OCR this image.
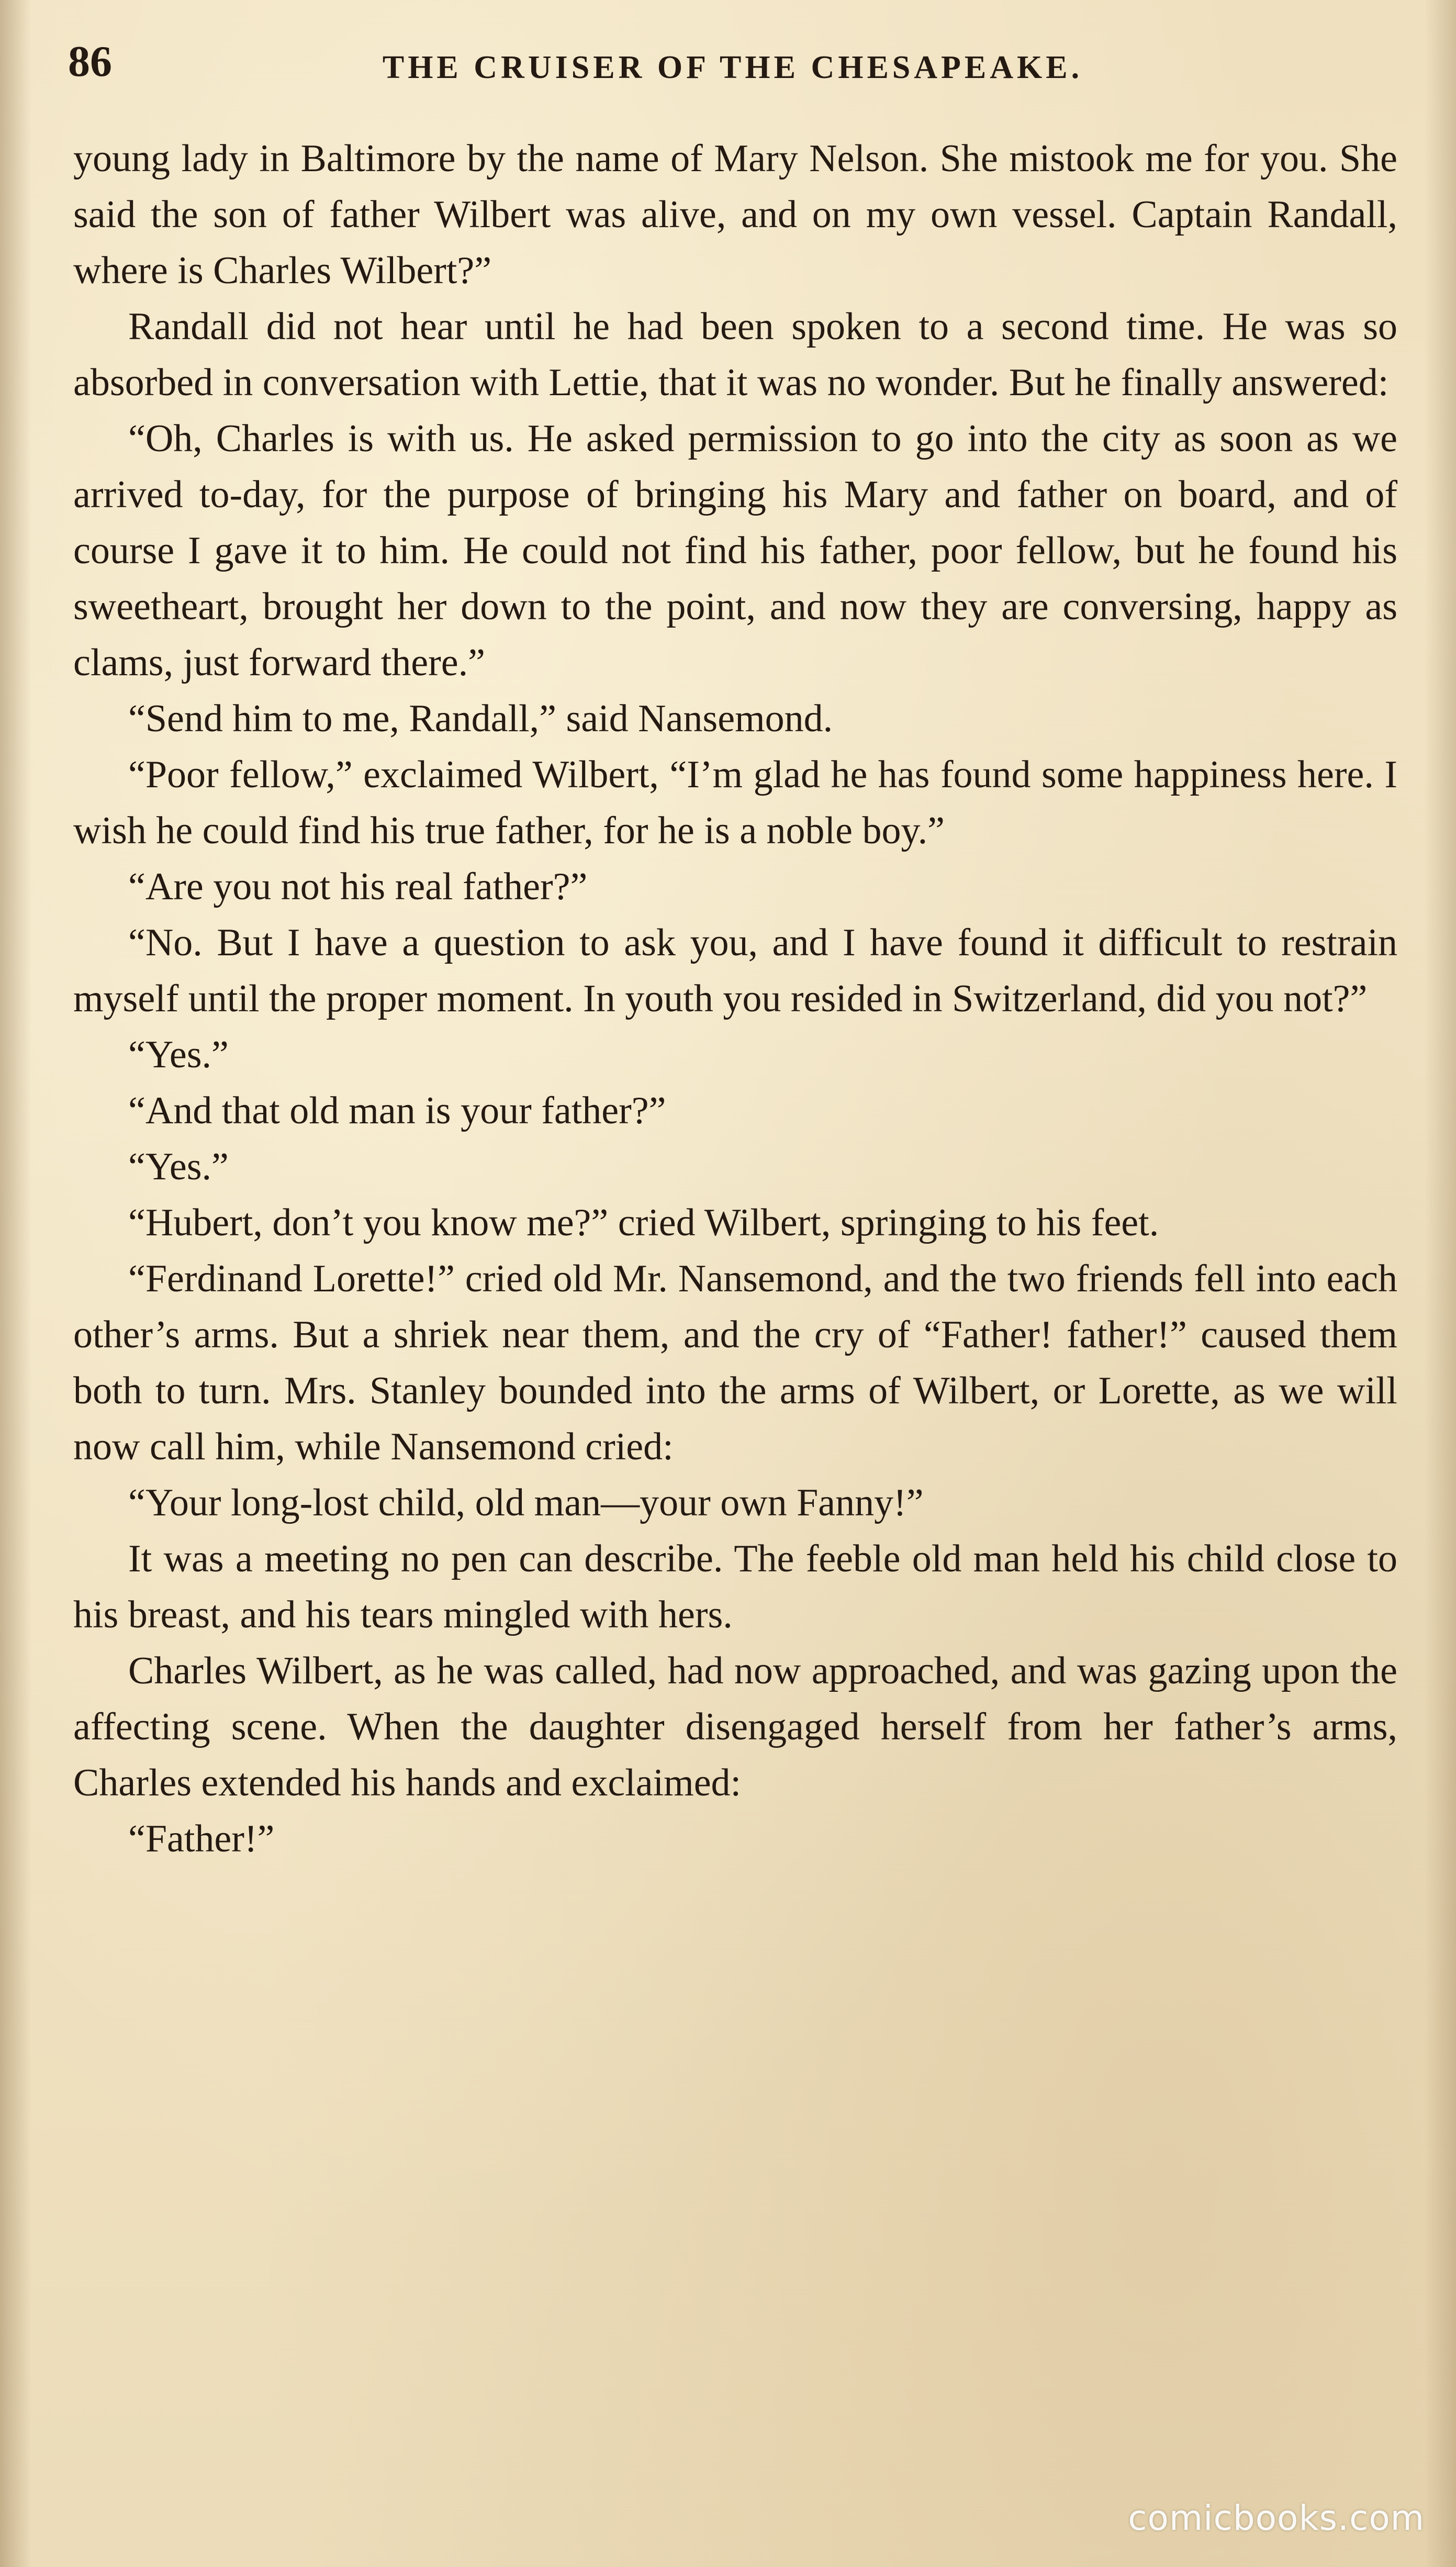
86	THE CRUISER OF THE CHESAPEAKE.

young lady in Baltimore by the name of Mary Nelson. She mistook me for you. She said the son of father Wilbert was alive, and on my own vessel. Captain Randall, where is Charles Wilbert?”

Randall did not hear until he had been spoken to a second time. He was so absorbed in conversation with Lettie, that it was no wonder. But he finally answered:

“Oh, Charles is with us. He asked permission to go into the city as soon as we arrived to-day, for the purpose of bringing his Mary and father on board, and of course I gave it to him. He could not find his father, poor fellow, but he found his sweetheart, brought her down to the point, and now they are conversing, happy as clams, just forward there.”

“Send him to me, Randall,” said Nansemond.

“Poor fellow,” exclaimed Wilbert, “I’m glad he has found some happiness here. I wish he could find his true father, for he is a noble boy.”

“Are you not his real father?”

“No. But I have a question to ask you, and I have found it difficult to restrain myself until the proper moment. In youth you resided in Switzerland, did you not?”

“Yes.”

“And that old man is your father?”

“Yes.”

“Hubert, don’t you know me?” cried Wilbert, springing to his feet.

“Ferdinand Lorette!” cried old Mr. Nansemond, and the two friends fell into each other’s arms. But a shriek near them, and the cry of “Father! father!” caused them both to turn. Mrs. Stanley bounded into the arms of Wilbert, or Lorette, as we will now call him, while Nansemond cried:

“Your long-lost child, old man—your own Fanny!”

It was a meeting no pen can describe. The feeble old man held his child close to his breast, and his tears mingled with hers.

Charles Wilbert, as he was called, had now approached, and was gazing upon the affecting scene. When the daughter disengaged herself from her father’s arms, Charles extended his hands and exclaimed:

“Father!”

comicbooks.com
